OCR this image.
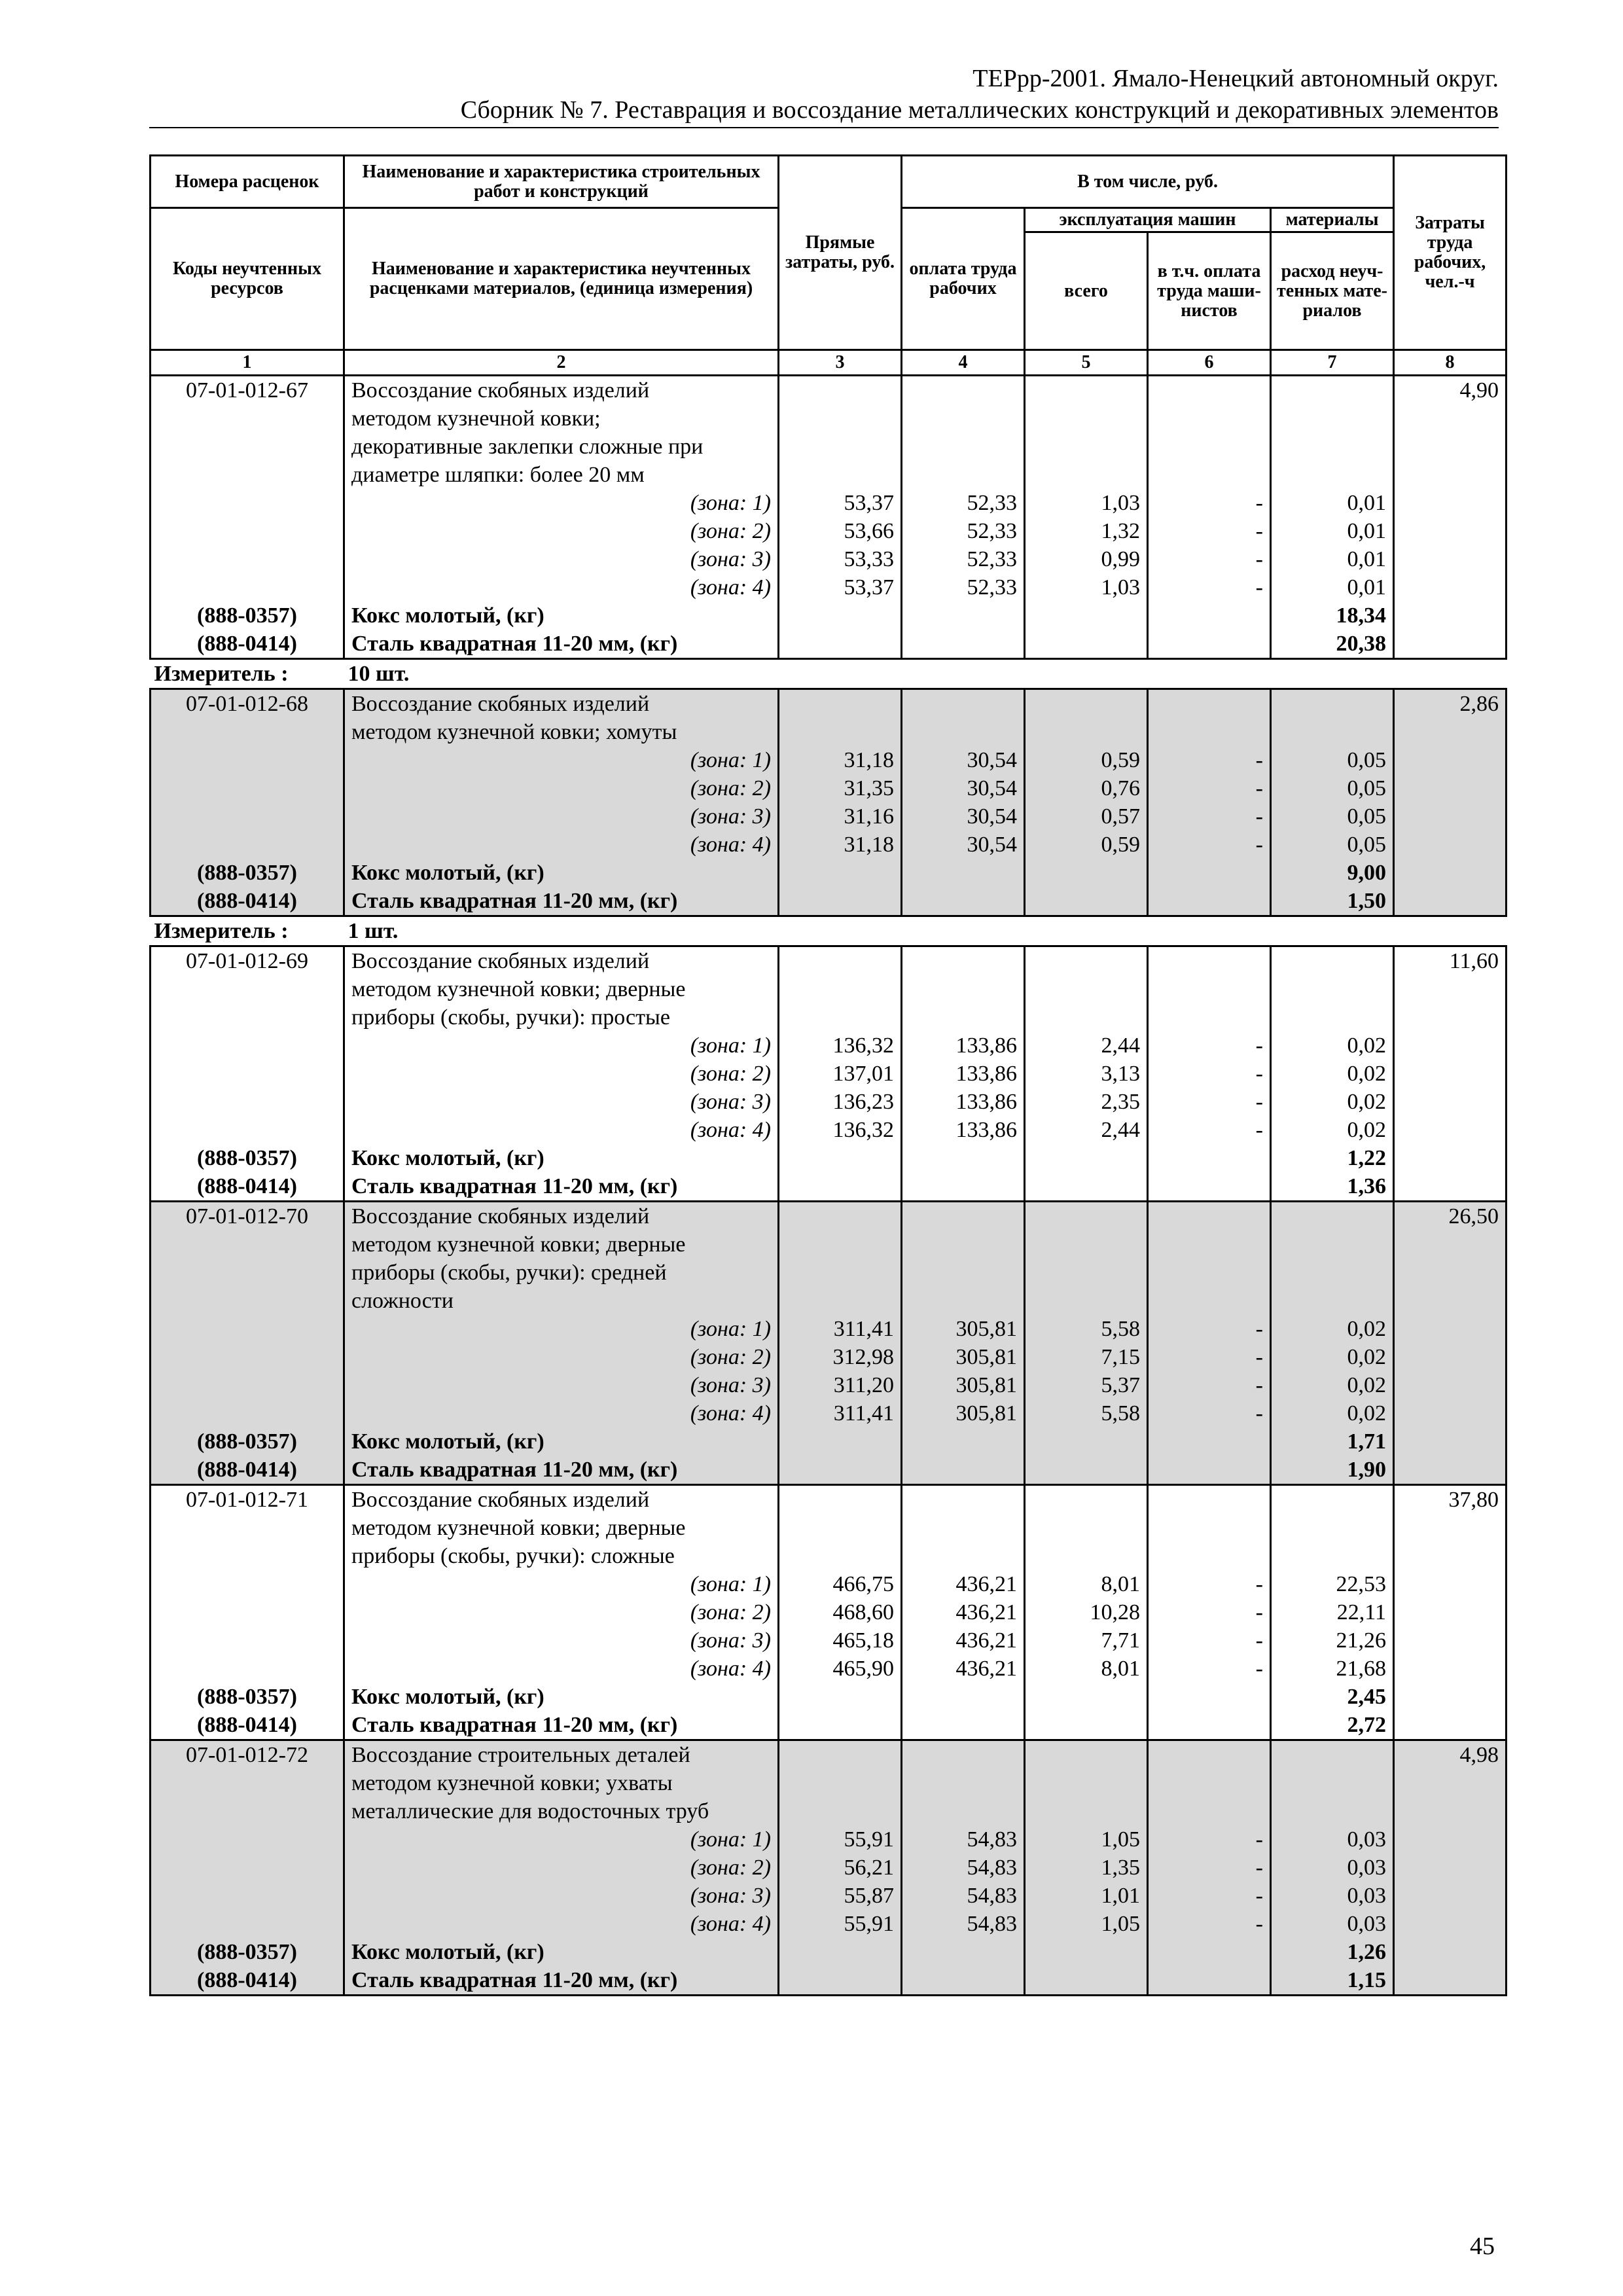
ТЕРрр-2001. Ямало-Ненецкий автономный округ.
Сборник № 7. Реставрация и воссоздание металлических конструкций и декоративных элементов
Номера расценок	Наименование и характеристика строительных работ и конструкций	Прямые затраты, руб.	В том числе, руб.				Затраты труда рабочих, чел.-ч
Коды неучтенных ресурсов	Наименование и характеристика неучтенных расценками материалов, (единица измерения)		оплата труда рабочих	эксплуатация машин		материалы	
				всего	в т.ч. оплата труда маши-нистов	расход неуч-тенных мате-риалов	
1	2	3	4	5	6	7	8
07-01-012-67	Воссоздание скобяных изделий						4,90
	методом кузнечной ковки;						
	декоративные заклепки сложные при						
	диаметре шляпки: более 20 мм						
	(зона: 1)	53,37	52,33	1,03	-	0,01	
	(зона: 2)	53,66	52,33	1,32	-	0,01	
	(зона: 3)	53,33	52,33	0,99	-	0,01	
	(зона: 4)	53,37	52,33	1,03	-	0,01	
(888-0357)	Кокс молотый, (кг)					18,34	
(888-0414)	Сталь квадратная 11-20 мм, (кг)					20,38	
Измеритель :	10 шт.						
07-01-012-68	Воссоздание скобяных изделий						2,86
	методом кузнечной ковки; хомуты						
	(зона: 1)	31,18	30,54	0,59	-	0,05	
	(зона: 2)	31,35	30,54	0,76	-	0,05	
	(зона: 3)	31,16	30,54	0,57	-	0,05	
	(зона: 4)	31,18	30,54	0,59	-	0,05	
(888-0357)	Кокс молотый, (кг)					9,00	
(888-0414)	Сталь квадратная 11-20 мм, (кг)					1,50	
Измеритель :	1 шт.						
07-01-012-69	Воссоздание скобяных изделий						11,60
	методом кузнечной ковки; дверные						
	приборы (скобы, ручки): простые						
	(зона: 1)	136,32	133,86	2,44	-	0,02	
	(зона: 2)	137,01	133,86	3,13	-	0,02	
	(зона: 3)	136,23	133,86	2,35	-	0,02	
	(зона: 4)	136,32	133,86	2,44	-	0,02	
(888-0357)	Кокс молотый, (кг)					1,22	
(888-0414)	Сталь квадратная 11-20 мм, (кг)					1,36	
07-01-012-70	Воссоздание скобяных изделий						26,50
	методом кузнечной ковки; дверные						
	приборы (скобы, ручки): средней						
	сложности						
	(зона: 1)	311,41	305,81	5,58	-	0,02	
	(зона: 2)	312,98	305,81	7,15	-	0,02	
	(зона: 3)	311,20	305,81	5,37	-	0,02	
	(зона: 4)	311,41	305,81	5,58	-	0,02	
(888-0357)	Кокс молотый, (кг)					1,71	
(888-0414)	Сталь квадратная 11-20 мм, (кг)					1,90	
07-01-012-71	Воссоздание скобяных изделий						37,80
	методом кузнечной ковки; дверные						
	приборы (скобы, ручки): сложные						
	(зона: 1)	466,75	436,21	8,01	-	22,53	
	(зона: 2)	468,60	436,21	10,28	-	22,11	
	(зона: 3)	465,18	436,21	7,71	-	21,26	
	(зона: 4)	465,90	436,21	8,01	-	21,68	
(888-0357)	Кокс молотый, (кг)					2,45	
(888-0414)	Сталь квадратная 11-20 мм, (кг)					2,72	
07-01-012-72	Воссоздание строительных деталей						4,98
	методом кузнечной ковки; ухваты						
	металлические для водосточных труб						
	(зона: 1)	55,91	54,83	1,05	-	0,03	
	(зона: 2)	56,21	54,83	1,35	-	0,03	
	(зона: 3)	55,87	54,83	1,01	-	0,03	
	(зона: 4)	55,91	54,83	1,05	-	0,03	
(888-0357)	Кокс молотый, (кг)					1,26	
(888-0414)	Сталь квадратная 11-20 мм, (кг)					1,15	
45
